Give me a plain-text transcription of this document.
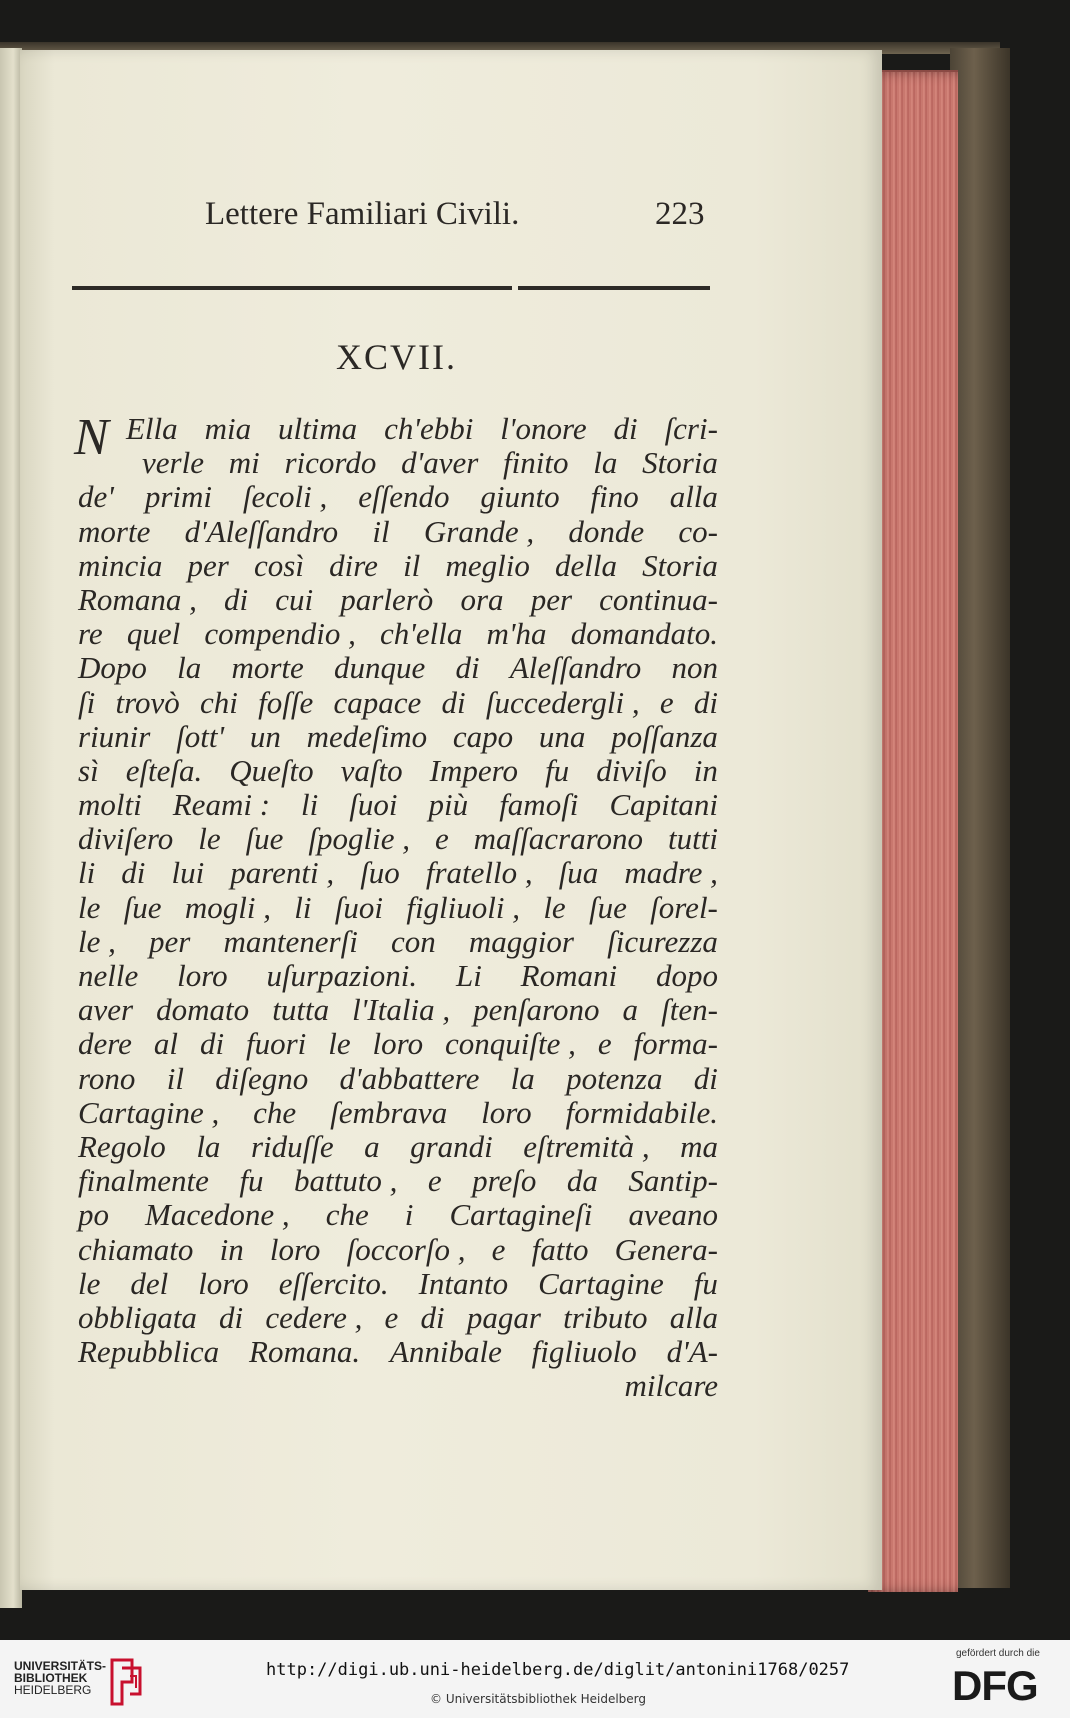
Lettere Familiari Civili.	223
XCVII.
N Ella mia ultima ch'ebbi l'onore di ſcri-
verle mi ricordo d'aver finito la Storia
de' primi ſecoli , eſſendo giunto fino alla
morte d'Aleſſandro il Grande , donde co-
mincia per così dire il meglio della Storia
Romana , di cui parlerò ora per continua-
re quel compendio , ch'ella m'ha domandato.
Dopo la morte dunque di Aleſſandro non
ſi trovò chi foſſe capace di ſuccedergli , e di
riunir ſott' un medeſimo capo una poſſanza
sì eſteſa. Queſto vaſto Impero fu diviſo in
molti Reami : li ſuoi più famoſi Capitani
diviſero le ſue ſpoglie , e maſſacrarono tutti
li di lui parenti , ſuo fratello , ſua madre ,
le ſue mogli , li ſuoi figliuoli , le ſue ſorel-
le , per mantenerſi con maggior ſicurezza
nelle loro uſurpazioni. Li Romani dopo
aver domato tutta l'Italia , penſarono a ſten-
dere al di fuori le loro conquiſte , e forma-
rono il diſegno d'abbattere la potenza di
Cartagine , che ſembrava loro formidabile.
Regolo la riduſſe a grandi eſtremità , ma
finalmente fu battuto , e preſo da Santip-
po Macedone , che i Cartagineſi aveano
chiamato in loro ſoccorſo , e fatto Genera-
le del loro eſſercito. Intanto Cartagine fu
obbligata di cedere , e di pagar tributo alla
Repubblica Romana. Annibale figliuolo d'A-
milcare
UNIVERSITÄTS-
BIBLIOTHEK
HEIDELBERG
http://digi.ub.uni-heidelberg.de/diglit/antonini1768/0257
© Universitätsbibliothek Heidelberg
gefördert durch die
DFG
